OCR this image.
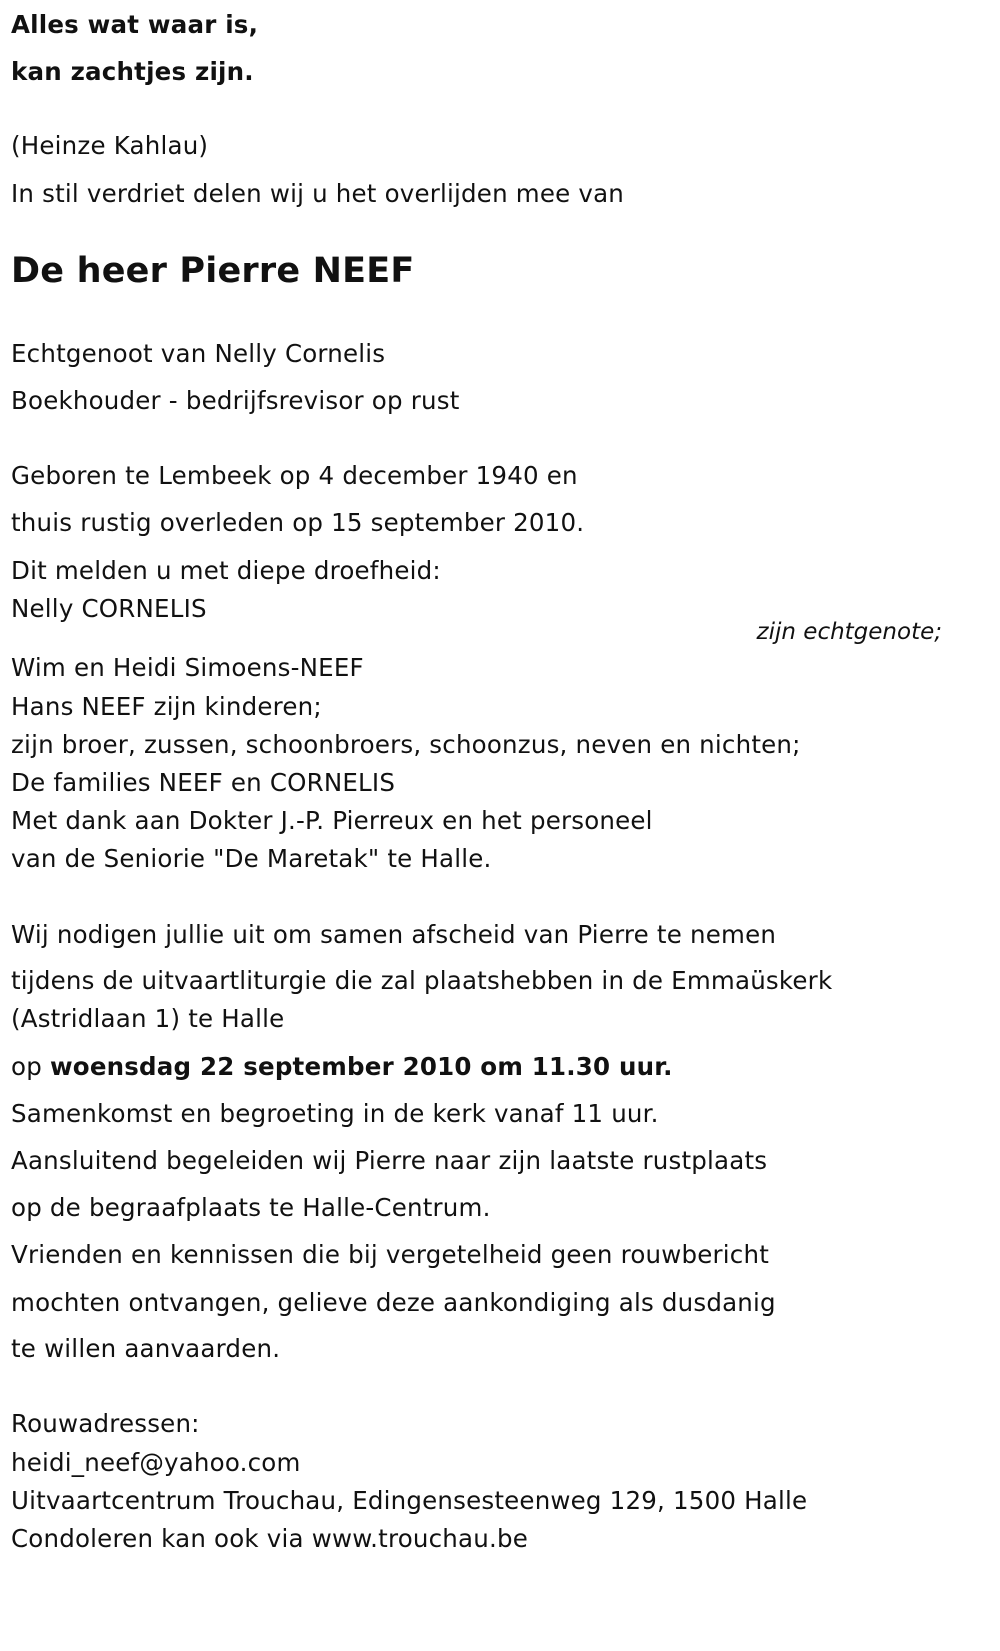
Alles wat waar is,
kan zachtjes zijn.
(Heinze Kahlau)
In stil verdriet delen wij u het overlijden mee van
De heer Pierre NEEF
Echtgenoot van Nelly Cornelis
Boekhouder - bedrijfsrevisor op rust
Geboren te Lembeek op 4 december 1940 en
thuis rustig overleden op 15 september 2010.
Dit melden u met diepe droefheid:
Nelly CORNELIS
zijn echtgenote;
Wim en Heidi Simoens-NEEF
Hans NEEF zijn kinderen;
zijn broer, zussen, schoonbroers, schoonzus, neven en nichten;
De families NEEF en CORNELIS
Met dank aan Dokter J.-P. Pierreux en het personeel
van de Seniorie "De Maretak" te Halle.
Wij nodigen jullie uit om samen afscheid van Pierre te nemen
tijdens de uitvaartliturgie die zal plaatshebben in de Emmaüskerk
(Astridlaan 1) te Halle
op woensdag 22 september 2010 om 11.30 uur.
Samenkomst en begroeting in de kerk vanaf 11 uur.
Aansluitend begeleiden wij Pierre naar zijn laatste rustplaats
op de begraafplaats te Halle-Centrum.
Vrienden en kennissen die bij vergetelheid geen rouwbericht
mochten ontvangen, gelieve deze aankondiging als dusdanig
te willen aanvaarden.
Rouwadressen:
heidi_neef@yahoo.com
Uitvaartcentrum Trouchau, Edingensesteenweg 129, 1500 Halle
Condoleren kan ook via www.trouchau.be
